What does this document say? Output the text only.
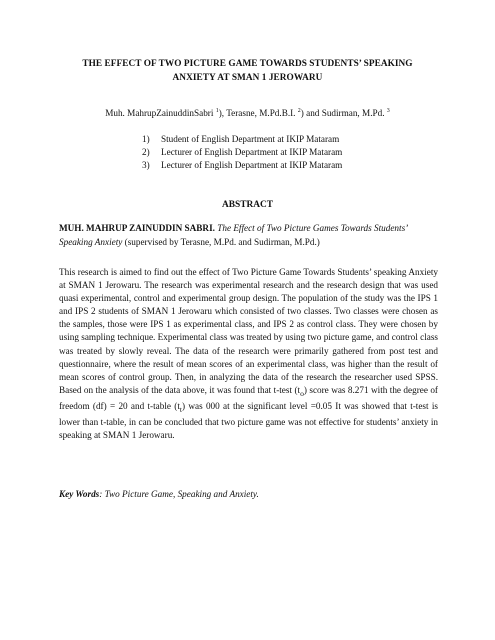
THE EFFECT OF TWO PICTURE GAME TOWARDS STUDENTS’ SPEAKING ANXIETY AT SMAN 1 JEROWARU
Muh. MahrupZainuddinSabri $^1$), Terasne, M.Pd.B.I. $^2$) and Sudirman, M.Pd. $^3$
1)	Student of English Department at IKIP Mataram
2)	Lecturer of English Department at IKIP Mataram
3)	Lecturer of English Department at IKIP Mataram
ABSTRACT
MUH. MAHRUP ZAINUDDIN SABRI. The Effect of Two Picture Games Towards Students’ Speaking Anxiety (supervised by Terasne, M.Pd. and Sudirman, M.Pd.)

This research is aimed to find out the effect of Two Picture Game Towards Students’ speaking Anxiety at SMAN 1 Jerowaru. The research was experimental research and the research design that was used quasi experimental, control and experimental group design. The population of the study was the IPS 1 and IPS 2 students of SMAN 1 Jerowaru which consisted of two classes. Two classes were chosen as the samples, those were IPS 1 as experimental class, and IPS 2 as control class. They were chosen by using sampling technique. Experimental class was treated by using two picture game, and control class was treated by slowly reveal. The data of the research were primarily gathered from post test and questionnaire, where the result of mean scores of an experimental class, was higher than the result of mean scores of control group. Then, in analyzing the data of the research the researcher used SPSS. Based on the analysis of the data above, it was found that t-test $(t_o)$ score was 8.271 with the degree of freedom (df) = 20 and t-table $(t_t)$ was 000 at the significant level =0.05 It was showed that t-test is lower than t-table, in can be concluded that two picture game was not effective for students’ anxiety in speaking at SMAN 1 Jerowaru.

Key Words: Two Picture Game, Speaking and Anxiety.
